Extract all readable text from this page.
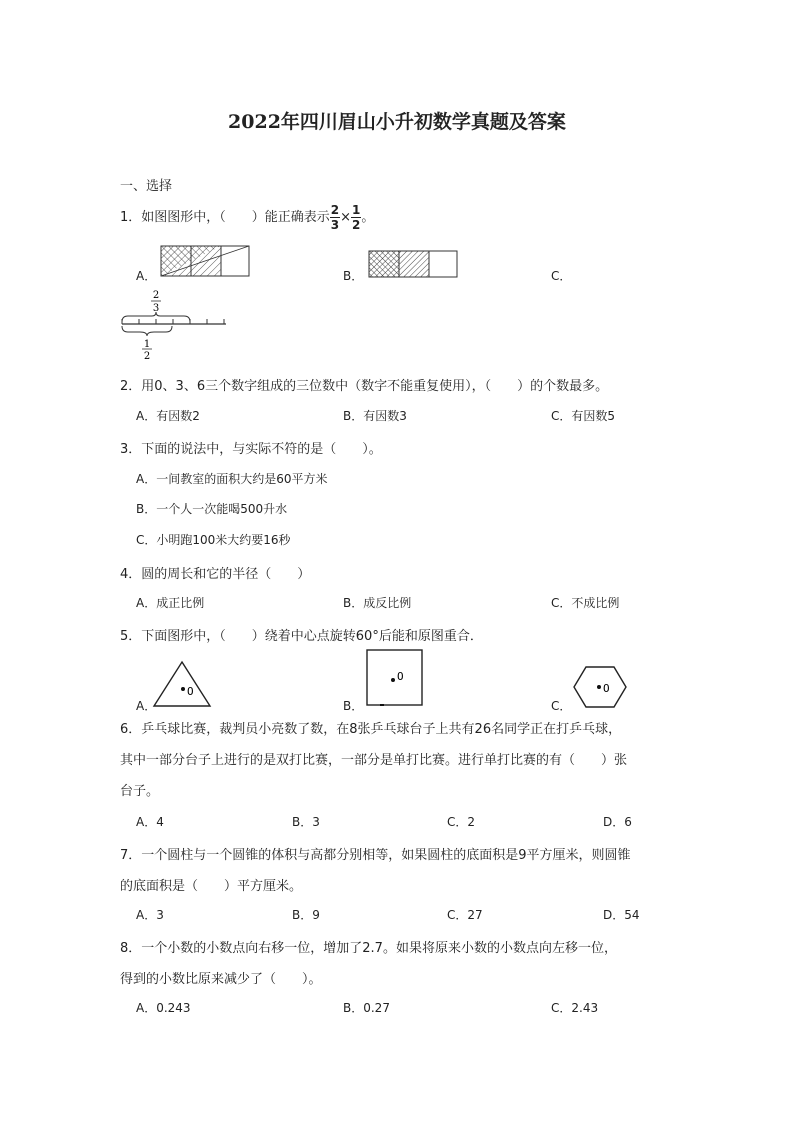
2022年四川眉山小升初数学真题及答案
一、选择
1．如图图形中，（　　）能正确表示 $\frac{2}{3} \times \frac{1}{2}$ 。
A．	B．	C．
2
3
1
2
2．用0、3、6三个数字组成的三位数中（数字不能重复使用），（　　）的个数最多。
A．有因数2	B．有因数3	C．有因数5
3．下面的说法中，与实际不符的是（　　）。
A．一间教室的面积大约是60平方米
B．一个人一次能喝500升水
C．小明跑100米大约要16秒
4．圆的周长和它的半径（　　）
A．成正比例	B．成反比例	C．不成比例
5．下面图形中，（　　）绕着中心点旋转60°后能和原图重合．
A．	B．	C．
O
O
O
6．乒乓球比赛，裁判员小亮数了数，在8张乒乓球台子上共有26名同学正在打乒乓球，
其中一部分台子上进行的是双打比赛，一部分是单打比赛。进行单打比赛的有（　　）张
台子。
A．4	B．3	C．2	D．6
7．一个圆柱与一个圆锥的体积与高都分别相等，如果圆柱的底面积是9平方厘米，则圆锥
的底面积是（　　）平方厘米。
A．3	B．9	C．27	D．54
8．一个小数的小数点向右移一位，增加了2.7。如果将原来小数的小数点向左移一位，
得到的小数比原来减少了（　　）。
A．0.243	B．0.27	C．2.43
